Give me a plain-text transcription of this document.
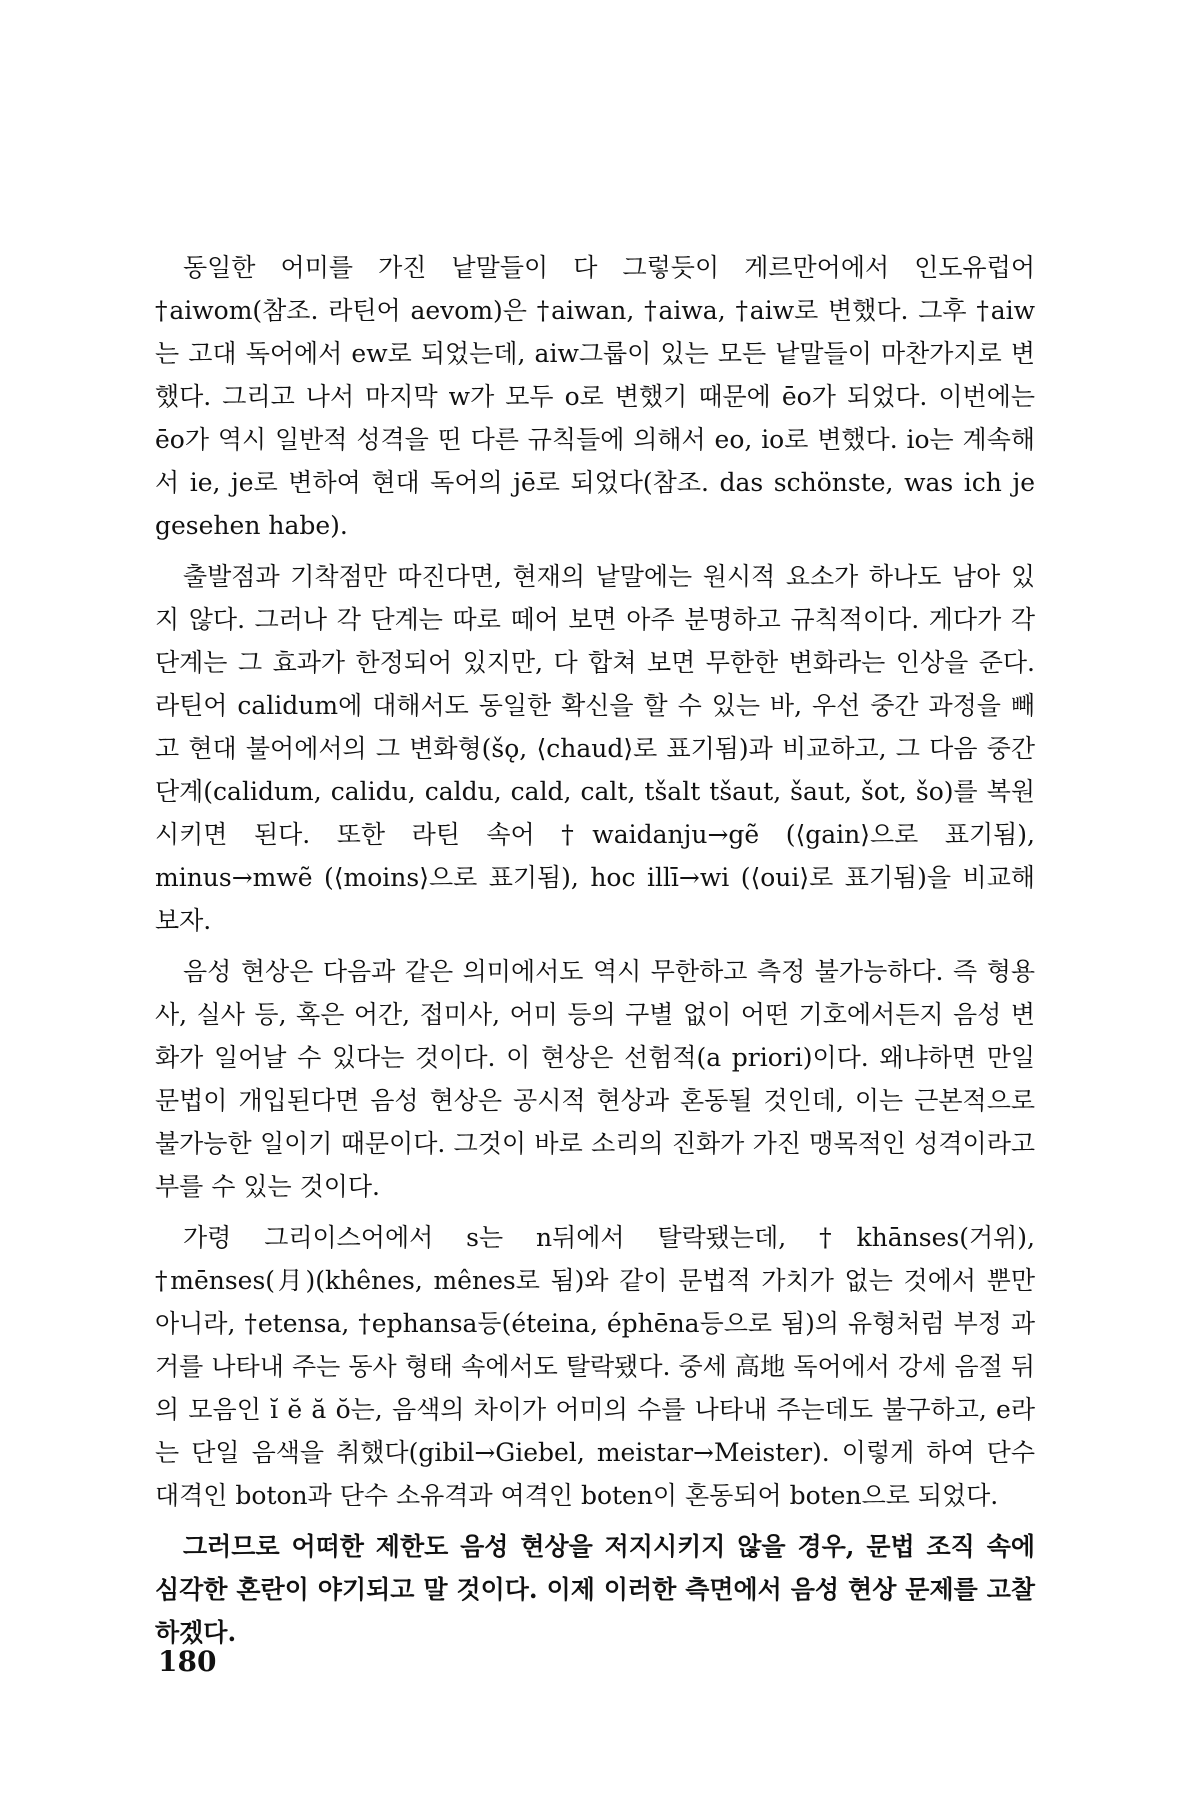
동일한 어미를 가진 낱말들이 다 그렇듯이 게르만어에서 인도유럽어 †aiwom(참조. 라틴어 aevom)은 †aiwan, †aiwa, †aiw로 변했다. 그후 †aiw는 고대 독어에서 ew로 되었는데, aiw그룹이 있는 모든 낱말들이 마찬가지로 변했다. 그리고 나서 마지막 w가 모두 o로 변했기 때문에 ēo가 되었다. 이번에는 ēo가 역시 일반적 성격을 띤 다른 규칙들에 의해서 eo, io로 변했다. io는 계속해서 ie, je로 변하여 현대 독어의 jē로 되었다(참조. das schönste, was ich je gesehen habe).

출발점과 기착점만 따진다면, 현재의 낱말에는 원시적 요소가 하나도 남아 있지 않다. 그러나 각 단계는 따로 떼어 보면 아주 분명하고 규칙적이다. 게다가 각 단계는 그 효과가 한정되어 있지만, 다 합쳐 보면 무한한 변화라는 인상을 준다. 라틴어 calidum에 대해서도 동일한 확신을 할 수 있는 바, 우선 중간 과정을 빼고 현대 불어에서의 그 변화형(šǫ, ⟨chaud⟩로 표기됨)과 비교하고, 그 다음 중간 단계(calidum, calidu, caldu, cald, calt, tšalt tšaut, šaut, šot, šo)를 복원시키면 된다. 또한 라틴 속어 †waidanju→gẽ (⟨gain⟩으로 표기됨), minus→mwẽ (⟨moins⟩으로 표기됨), hoc illī→wi (⟨oui⟩로 표기됨)을 비교해 보자.

음성 현상은 다음과 같은 의미에서도 역시 무한하고 측정 불가능하다. 즉 형용사, 실사 등, 혹은 어간, 접미사, 어미 등의 구별 없이 어떤 기호에서든지 음성 변화가 일어날 수 있다는 것이다. 이 현상은 선험적(a priori)이다. 왜냐하면 만일 문법이 개입된다면 음성 현상은 공시적 현상과 혼동될 것인데, 이는 근본적으로 불가능한 일이기 때문이다. 그것이 바로 소리의 진화가 가진 맹목적인 성격이라고 부를 수 있는 것이다.

가령 그리이스어에서 s는 n뒤에서 탈락됐는데, †khānses(거위), †mēnses(月)(khênes, mênes로 됨)와 같이 문법적 가치가 없는 것에서 뿐만 아니라, †etensa, †ephansa등(éteina, éphēna등으로 됨)의 유형처럼 부정 과거를 나타내 주는 동사 형태 속에서도 탈락됐다. 중세 高地 독어에서 강세 음절 뒤의 모음인 ĭ ĕ ă ŏ는, 음색의 차이가 어미의 수를 나타내 주는데도 불구하고, e라는 단일 음색을 취했다(gibil→Giebel, meistar→Meister). 이렇게 하여 단수 대격인 boton과 단수 소유격과 여격인 boten이 혼동되어 boten으로 되었다.

그러므로 어떠한 제한도 음성 현상을 저지시키지 않을 경우, 문법 조직 속에 심각한 혼란이 야기되고 말 것이다. 이제 이러한 측면에서 음성 현상 문제를 고찰하겠다.

180
